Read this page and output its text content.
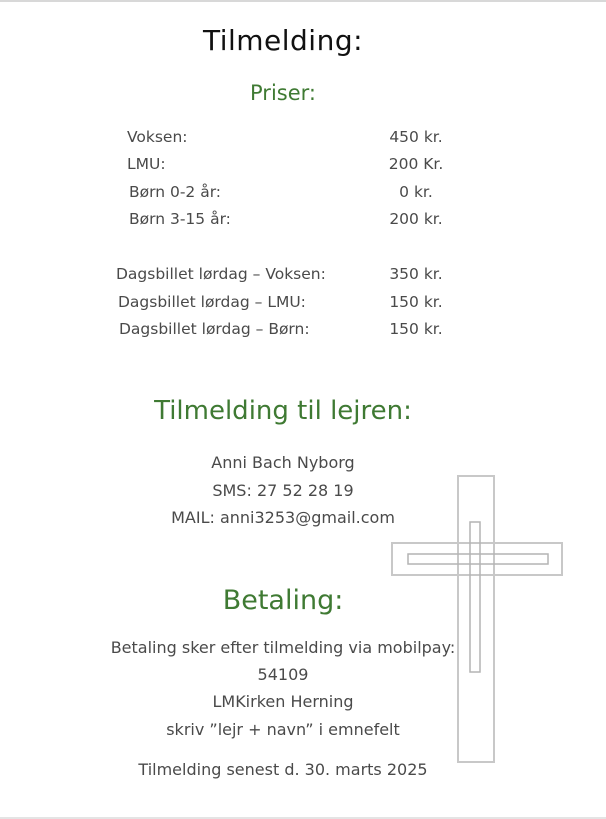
Tilmelding:
Priser:
Voksen:	450 kr.
LMU:	200 Kr.
Børn 0-2 år:	0 kr.
Børn 3-15 år:	200 kr.
Dagsbillet lørdag – Voksen:	350 kr.
Dagsbillet lørdag – LMU:	150 kr.
Dagsbillet lørdag – Børn:	150 kr.
Tilmelding til lejren:
Anni Bach Nyborg
SMS: 27 52 28 19
MAIL: anni3253@gmail.com
Betaling:
Betaling sker efter tilmelding via mobilpay:
54109
LMKirken Herning
skriv ”lejr + navn” i emnefelt
Tilmelding senest d. 30. marts 2025
